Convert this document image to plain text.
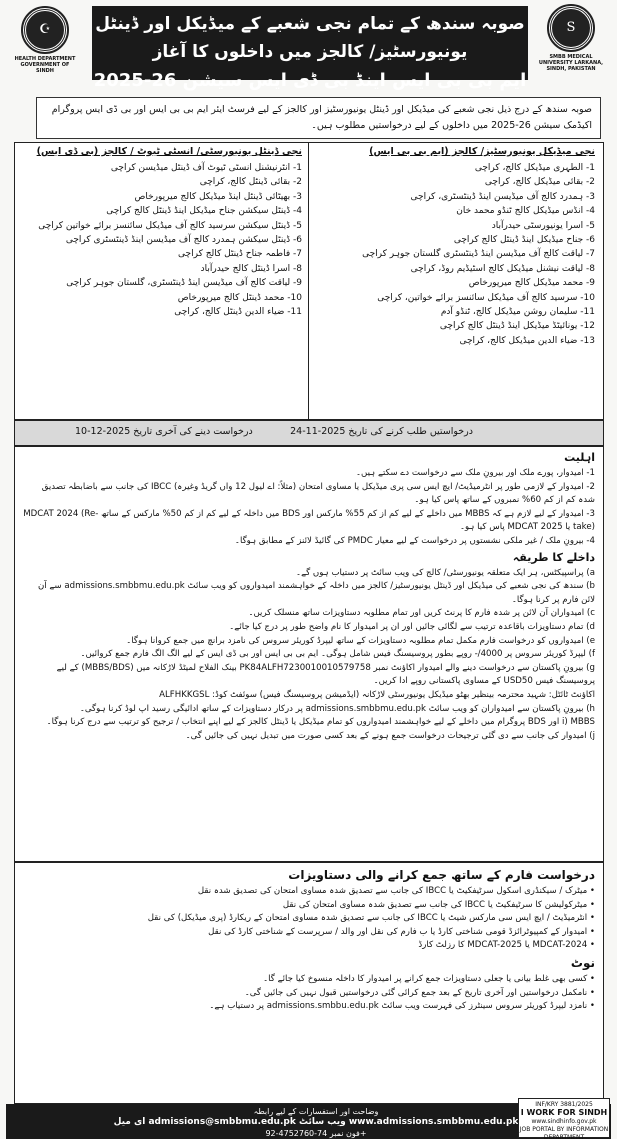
☪
HEALTH DEPARTMENT GOVERNMENT OF SINDH
صوبہ سندھ کے تمام نجی شعبے کے میڈیکل اور ڈینٹل یونیورسٹیز/ کالجز میں داخلوں کا آغاز
ایم بی بی ایس اینڈ بی ڈی ایس سیشن 26-2025
S
SMBB MEDICAL UNIVERSITY LARKANA, SINDH, PAKISTAN
صوبہ سندھ کے درج ذیل نجی شعبے کی میڈیکل اور ڈینٹل یونیورسٹیز اور کالجز کے لیے فرسٹ ایئر ایم بی بی ایس اور بی ڈی ایس پروگرام اکیڈمک سیشن 26-2025 میں داخلوں کے لیے درخواستیں مطلوب ہیں۔
نجی میڈیکل یونیورسٹیز/ کالجز (ایم بی بی ایس)
1- الطہری میڈیکل کالج، کراچی
2- بقائی میڈیکل کالج، کراچی
3- ہمدرد کالج آف میڈیسن اینڈ ڈینٹسٹری، کراچی
4- انڈس میڈیکل کالج ٹنڈو محمد خان
5- اسرا یونیورسٹی حیدرآباد
6- جناح میڈیکل اینڈ ڈینٹل کالج کراچی
7- لیاقت کالج آف میڈیسن اینڈ ڈینٹسٹری گلستان جوہر کراچی
8- لیاقت نیشنل میڈیکل کالج اسٹیڈیم روڈ، کراچی
9- محمد میڈیکل کالج میرپورخاص
10- سرسید کالج آف میڈیکل سائنسز برائے خواتین، کراچی
11- سلیمان روشن میڈیکل کالج، ٹنڈو آدم
12- یونائیٹڈ میڈیکل اینڈ ڈینٹل کالج کراچی
13- ضیاء الدین میڈیکل کالج، کراچی
نجی ڈینٹل یونیورسٹی/ انسٹی ٹیوٹ / کالجز (بی ڈی ایس)
1- انٹرنیشنل انسٹی ٹیوٹ آف ڈینٹل میڈیسن کراچی
2- بقائی ڈینٹل کالج، کراچی
3- بھیٹائی ڈینٹل اینڈ میڈیکل کالج میرپورخاص
4- ڈینٹل سیکشن جناح میڈیکل اینڈ ڈینٹل کالج کراچی
5- ڈینٹل سیکشن سرسید کالج آف میڈیکل سائنسز برائے خواتین کراچی
6- ڈینٹل سیکشن ہمدرد کالج آف میڈیسن اینڈ ڈینٹسٹری کراچی
7- فاطمہ جناح ڈینٹل کالج کراچی
8- اسرا ڈینٹل کالج حیدرآباد
9- لیاقت کالج آف میڈیسن اینڈ ڈینٹسٹری، گلستان جوہر کراچی
10- محمد ڈینٹل کالج میرپورخاص
11- ضیاء الدین ڈینٹل کالج، کراچی
درخواستیں طلب کرنے کی تاریخ 2025-11-24
درخواست دینے کی آخری تاریخ 2025-12-10
اہلیت
1- امیدوار، پورے ملک اور بیرونِ ملک سے درخواست دے سکتے ہیں۔
2- امیدوار کے لازمی طور پر انٹرمیڈیٹ/ ایچ ایس سی پری میڈیکل یا مساوی امتحان (مثلاً: اے لیول 12 واں گریڈ وغیرہ) IBCC کی جانب سے باضابطہ تصدیق شدہ کم از کم 60% نمبروں کے ساتھ پاس کیا ہو۔
3- امیدوار کے لیے لازم ہے کہ MBBS میں داخلے کے لیے کم از کم 55% مارکس اور BDS میں داخلہ کے لیے کم از کم 50% مارکس کے ساتھ MDCAT 2024 (Re-take) یا MDCAT 2025 پاس کیا ہو۔
4- بیرونِ ملک / غیر ملکی نشستوں پر درخواست کے لیے معیار PMDC کی گائیڈ لائنز کے مطابق ہوگا۔
داخلے کا طریقہ
a) پراسپیکٹس، ہر ایک متعلقہ یونیورسٹی/ کالج کی ویب سائٹ پر دستیاب ہوں گے۔
b) سندھ کی نجی شعبے کی میڈیکل اور ڈینٹل یونیورسٹیز/ کالجز میں داخلہ کے خواہشمند امیدواروں کو ویب سائٹ admissions.smbbmu.edu.pk سے آن لائن فارم پر کرنا ہوگا۔
c) امیدواران آن لائن پر شدہ فارم کا پرنٹ کریں اور تمام مطلوبہ دستاویزات ساتھ منسلک کریں۔
d) تمام دستاویزات باقاعدہ ترتیب سے لگائی جائیں اور ان پر امیدوار کا نام واضح طور پر درج کیا جائے۔
e) امیدواروں کو درخواست فارم مکمل تمام مطلوبہ دستاویزات کے ساتھ لیپرڈ کوریئر سروس کی نامزد برانچ میں جمع کروانا ہوگا۔
f) لیپرڈ کوریئر سروس پر 4000/- روپے بطور پروسیسنگ فیس شامل ہوگی۔ ایم بی بی ایس اور بی ڈی ایس کے لیے الگ الگ فارم جمع کروائیں۔
g) بیرونِ پاکستان سے درخواست دینے والے امیدوار اکاؤنٹ نمبر PK84ALFH7230010010579758 بینک الفلاح لمیٹڈ لاڑکانہ میں (MBBS/BDS) کے لیے پروسیسنگ فیس USD50 کے مساوی پاکستانی روپے ادا کریں۔
اکاؤنٹ ٹائٹل: شہید محترمہ بینظیر بھٹو میڈیکل یونیورسٹی لاڑکانہ (ایڈمیشن پروسیسنگ فیس) سوئفٹ کوڈ: ALFHKKGSL
h) بیرونِ پاکستان سے امیدواران کو ویب سائٹ admissions.smbbmu.edu.pk پر درکار دستاویزات کے ساتھ ادائیگی رسید اپ لوڈ کرنا ہوگی۔
i) MBBS اور BDS پروگرام میں داخلے کے لیے خواہشمند امیدواروں کو تمام میڈیکل یا ڈینٹل کالجز کے لیے اپنے انتخاب / ترجیح کو ترتیب سے درج کرنا ہوگا۔
j) امیدوار کی جانب سے دی گئی ترجیحات درخواست جمع ہونے کے بعد کسی صورت میں تبدیل نہیں کی جائیں گی۔
درخواست فارم کے ساتھ جمع کرانے والی دستاویزات
• میٹرک / سیکنڈری اسکول سرٹیفکیٹ یا IBCC کی جانب سے تصدیق شدہ مساوی امتحان کی تصدیق شدہ نقل
• میٹرکولیشن کا سرٹیفکیٹ یا IBCC کی جانب سے تصدیق شدہ مساوی امتحان کی نقل
• انٹرمیڈیٹ / ایچ ایس سی مارکس شیٹ یا IBCC کی جانب سے تصدیق شدہ مساوی امتحان کے ریکارڈ (پری میڈیکل) کی نقل
• امیدوار کے کمپیوٹرائزڈ قومی شناختی کارڈ یا ب فارم کی نقل اور والد / سرپرست کے شناختی کارڈ کی نقل
• MDCAT-2024 یا MDCAT-2025 کا رزلٹ کارڈ
نوٹ
• کسی بھی غلط بیانی یا جعلی دستاویزات جمع کرانے پر امیدوار کا داخلہ منسوخ کیا جائے گا۔
• نامکمل درخواستیں اور آخری تاریخ کے بعد جمع کرائی گئی درخواستیں قبول نہیں کی جائیں گی۔
• نامزد لیپرڈ کوریئر سروس سینٹرز کی فہرست ویب سائٹ admissions.smbbu.edu.pk پر دستیاب ہے۔
وضاحت اور استفسارات کے لیے رابطہ
ای میل admissions@smbbmu.edu.pk ویب سائٹ www.admissions.smbbmu.edu.pk
فون نمبر 74-4752760-92+
INF/KRY 3881/2025
I WORK FOR SINDH
www.sindhinfo.gov.pk
JOB PORTAL BY INFORMATION DEPARTMENT
